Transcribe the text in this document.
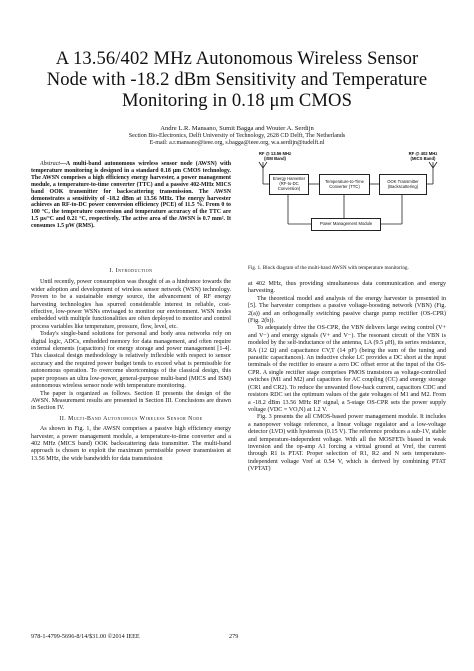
A 13.56/402 MHz Autonomous Wireless Sensor Node with -18.2 dBm Sensitivity and Temperature Monitoring in 0.18 μm CMOS
Andre L.R. Mansano, Sumit Bagga and Wouter A. Serdijn
Section Bio-Electronics, Delft University of Technology, 2628 CD Delft, The Netherlands
E-mail: a.r.mansano@ieee.org, s.bagga@ieee.org, w.a.serdijn@tudelft.nl

Abstract—A multi-band autonomous wireless sensor node (AWSN) with temperature monitoring is designed in a standard 0.18 μm CMOS technology. The AWSN comprises a high efficiency energy harvester, a power management module, a temperature-to-time converter (TTC) and a passive 402-MHz MICS band OOK transmitter for backscattering transmission. The AWSN demonstrates a sensitivity of -18.2 dBm at 13.56 MHz. The energy harvester achieves an RF-to-DC power conversion efficiency (PCE) of 11.5 %. From 0 to 100 °C, the temperature conversion and temperature accuracy of the TTC are 1.5 μs/°C and 0.21 °C, respectively. The active area of the AWSN is 0.7 mm². It consumes 1.5 μW (RMS).

I. Introduction

Until recently, power consumption was thought of as a hindrance towards the wider adoption and development of wireless sensor network (WSN) technology. Proven to be a sustainable energy source, the advancement of RF energy harvesting technologies has spurred considerable interest in reliable, cost-effective, low-power WSNs envisaged to monitor our environment. WSN nodes embedded with multiple functionalities are often deployed to monitor and control process variables like temperature, pressure, flow, level, etc.

Today's single-band solutions for personal and body area networks rely on digital logic, ADCs, embedded memory for data management, and often require external elements (capacitors) for energy storage and power management [1-4]. This classical design methodology is relatively inflexible with respect to sensor accuracy and the required power budget tends to exceed what is permissible for autonomous operation. To overcome shortcomings of the classical design, this paper proposes an ultra low-power, general-purpose multi-band (MICS and ISM) autonomous wireless sensor node with temperature monitoring.

The paper is organized as follows. Section II presents the design of the AWSN. Measurement results are presented in Section III. Conclusions are drawn in Section IV.

II. Multi-Band Autonomous Wireless Sensor Node

As shown in Fig. 1, the AWSN comprises a passive high efficiency energy harvester, a power management module, a temperature-to-time converter and a 402 MHz (MICS band) OOK backscattering data transmitter. The multi-band approach is chosen to exploit the maximum permissible power transmission at 13.56 MHz, the wide bandwidth for data transmission

RF @ 13.56 MHz (ISM Band)
RF @ 402 MHz (MICS Band)
Energy Harvester (RF-to-DC Conversion)
Temperature-to-Time Converter (TTC)
OOK Transmitter (Backscattering)
Power Management Module
Fig. 1. Block diagram of the multi-band AWSN with temperature monitoring.

at 402 MHz, thus providing simultaneous data communication and energy harvesting.

The theoretical model and analysis of the energy harvester is presented in [5]. The harvester comprises a passive voltage-boosting network (VBN) (Fig. 2(a)) and an orthogonally switching passive charge pump rectifier (OS-CPR) (Fig. 2(b)).

To adequately drive the OS-CPR, the VBN delivers large swing control (V+ and V−) and energy signals (V+ and V−). The resonant circuit of the VBN is modeled by the self-inductance of the antenna, LA (9.5 μH), its series resistance, RA (12 Ω) and capacitance CV,T (14 pF) (being the sum of the tuning and parasitic capacitances). An inductive choke LC provides a DC short at the input terminals of the rectifier to ensure a zero DC offset error at the input of the OS-CPR. A single rectifier stage comprises PMOS transistors as voltage-controlled switches (M1 and M2) and capacitors for AC coupling (CC) and energy storage (CR1 and CR2). To reduce the unwanted flow-back current, capacitors CDC and resistors RDC set the optimum values of the gate voltages of M1 and M2. From a -18.2 dBm 13.56 MHz RF signal, a 5-stage OS-CPR sets the power supply voltage (VDC = VO,N) at 1.2 V.

Fig. 3 presents the all CMOS-based power management module. It includes a nanopower voltage reference, a linear voltage regulator and a low-voltage detector (LVD) with hysteresis (0.15 V). The reference produces a sub-1V, stable and temperature-independent voltage. With all the MOSFETs biased in weak inversion and the op-amp A1 forcing a virtual ground at Vref, the current through R1 is PTAT. Proper selection of R1, R2 and N sets temperature-independent voltage Vref at 0.54 V, which is derived by combining PTAT (VPTAT)

978-1-4799-5696-8/14/$31.00 ©2014 IEEE	279
